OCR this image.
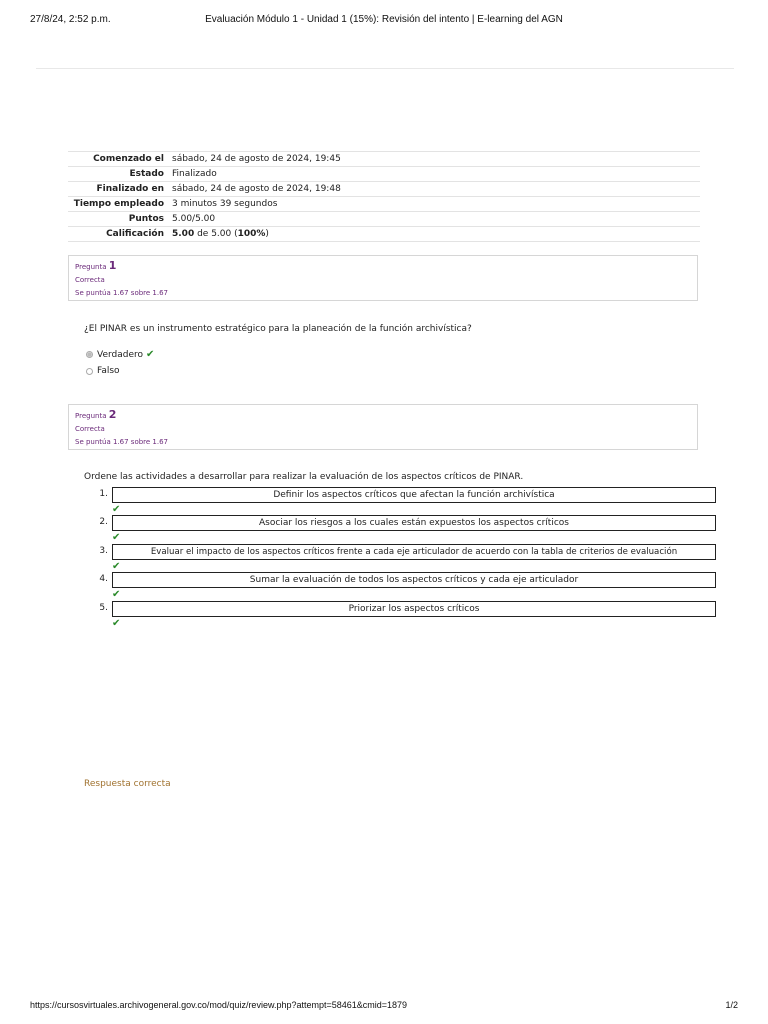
27/8/24, 2:52 p.m.	Evaluación Módulo 1 - Unidad 1 (15%): Revisión del intento | E-learning del AGN
Comenzado el	sábado, 24 de agosto de 2024, 19:45
Estado	Finalizado
Finalizado en	sábado, 24 de agosto de 2024, 19:48
Tiempo empleado	3 minutos 39 segundos
Puntos	5.00/5.00
Calificación	5.00 de 5.00 (100%)
Pregunta 1
Correcta
Se puntúa 1.67 sobre 1.67
¿El PINAR es un instrumento estratégico para la planeación de la función archivística?
Verdadero ✔
Falso
Pregunta 2
Correcta
Se puntúa 1.67 sobre 1.67
Ordene las actividades a desarrollar para realizar la evaluación de los aspectos críticos de PINAR.
1.	Definir los aspectos críticos que afectan la función archivística
✔
2.	Asociar los riesgos a los cuales están expuestos los aspectos críticos
✔
3.	Evaluar el impacto de los aspectos críticos frente a cada eje articulador de acuerdo con la tabla de criterios de evaluación
✔
4.	Sumar la evaluación de todos los aspectos críticos y cada eje articulador
✔
5.	Priorizar los aspectos críticos
✔
Respuesta correcta
https://cursosvirtuales.archivogeneral.gov.co/mod/quiz/review.php?attempt=58461&cmid=1879	1/2
